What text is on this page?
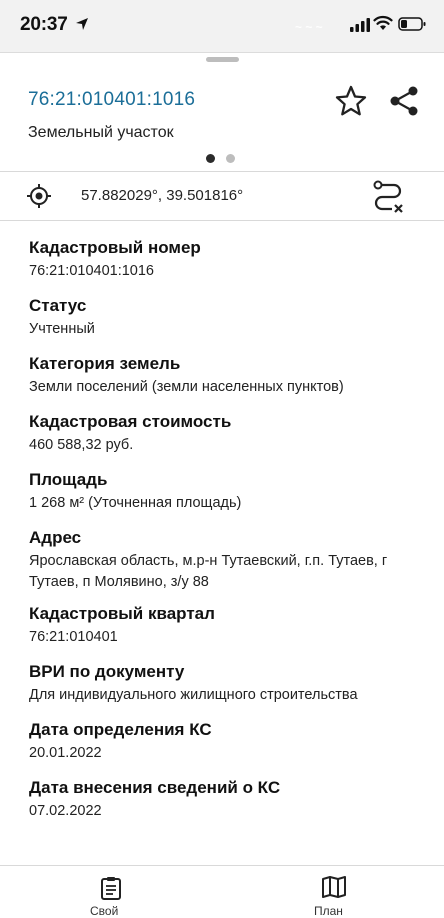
20:37	~ ~ ~
76:21:010401:1016
Земельный участок
57.882029°, 39.501816°
Кадастровый номер
76:21:010401:1016
Статус
Учтенный
Категория земель
Земли поселений (земли населенных пунктов)
Кадастровая стоимость
460 588,32 руб.
Площадь
1 268 м² (Уточненная площадь)
Адрес
Ярославская область, м.р-н Тутаевский, г.п. Тутаев, г Тутаев, п Молявино, з/у 88
Кадастровый квартал
76:21:010401
ВРИ по документу
Для индивидуального жилищного строительства
Дата определения КС
20.01.2022
Дата внесения сведений о КС
07.02.2022
Свой	План
